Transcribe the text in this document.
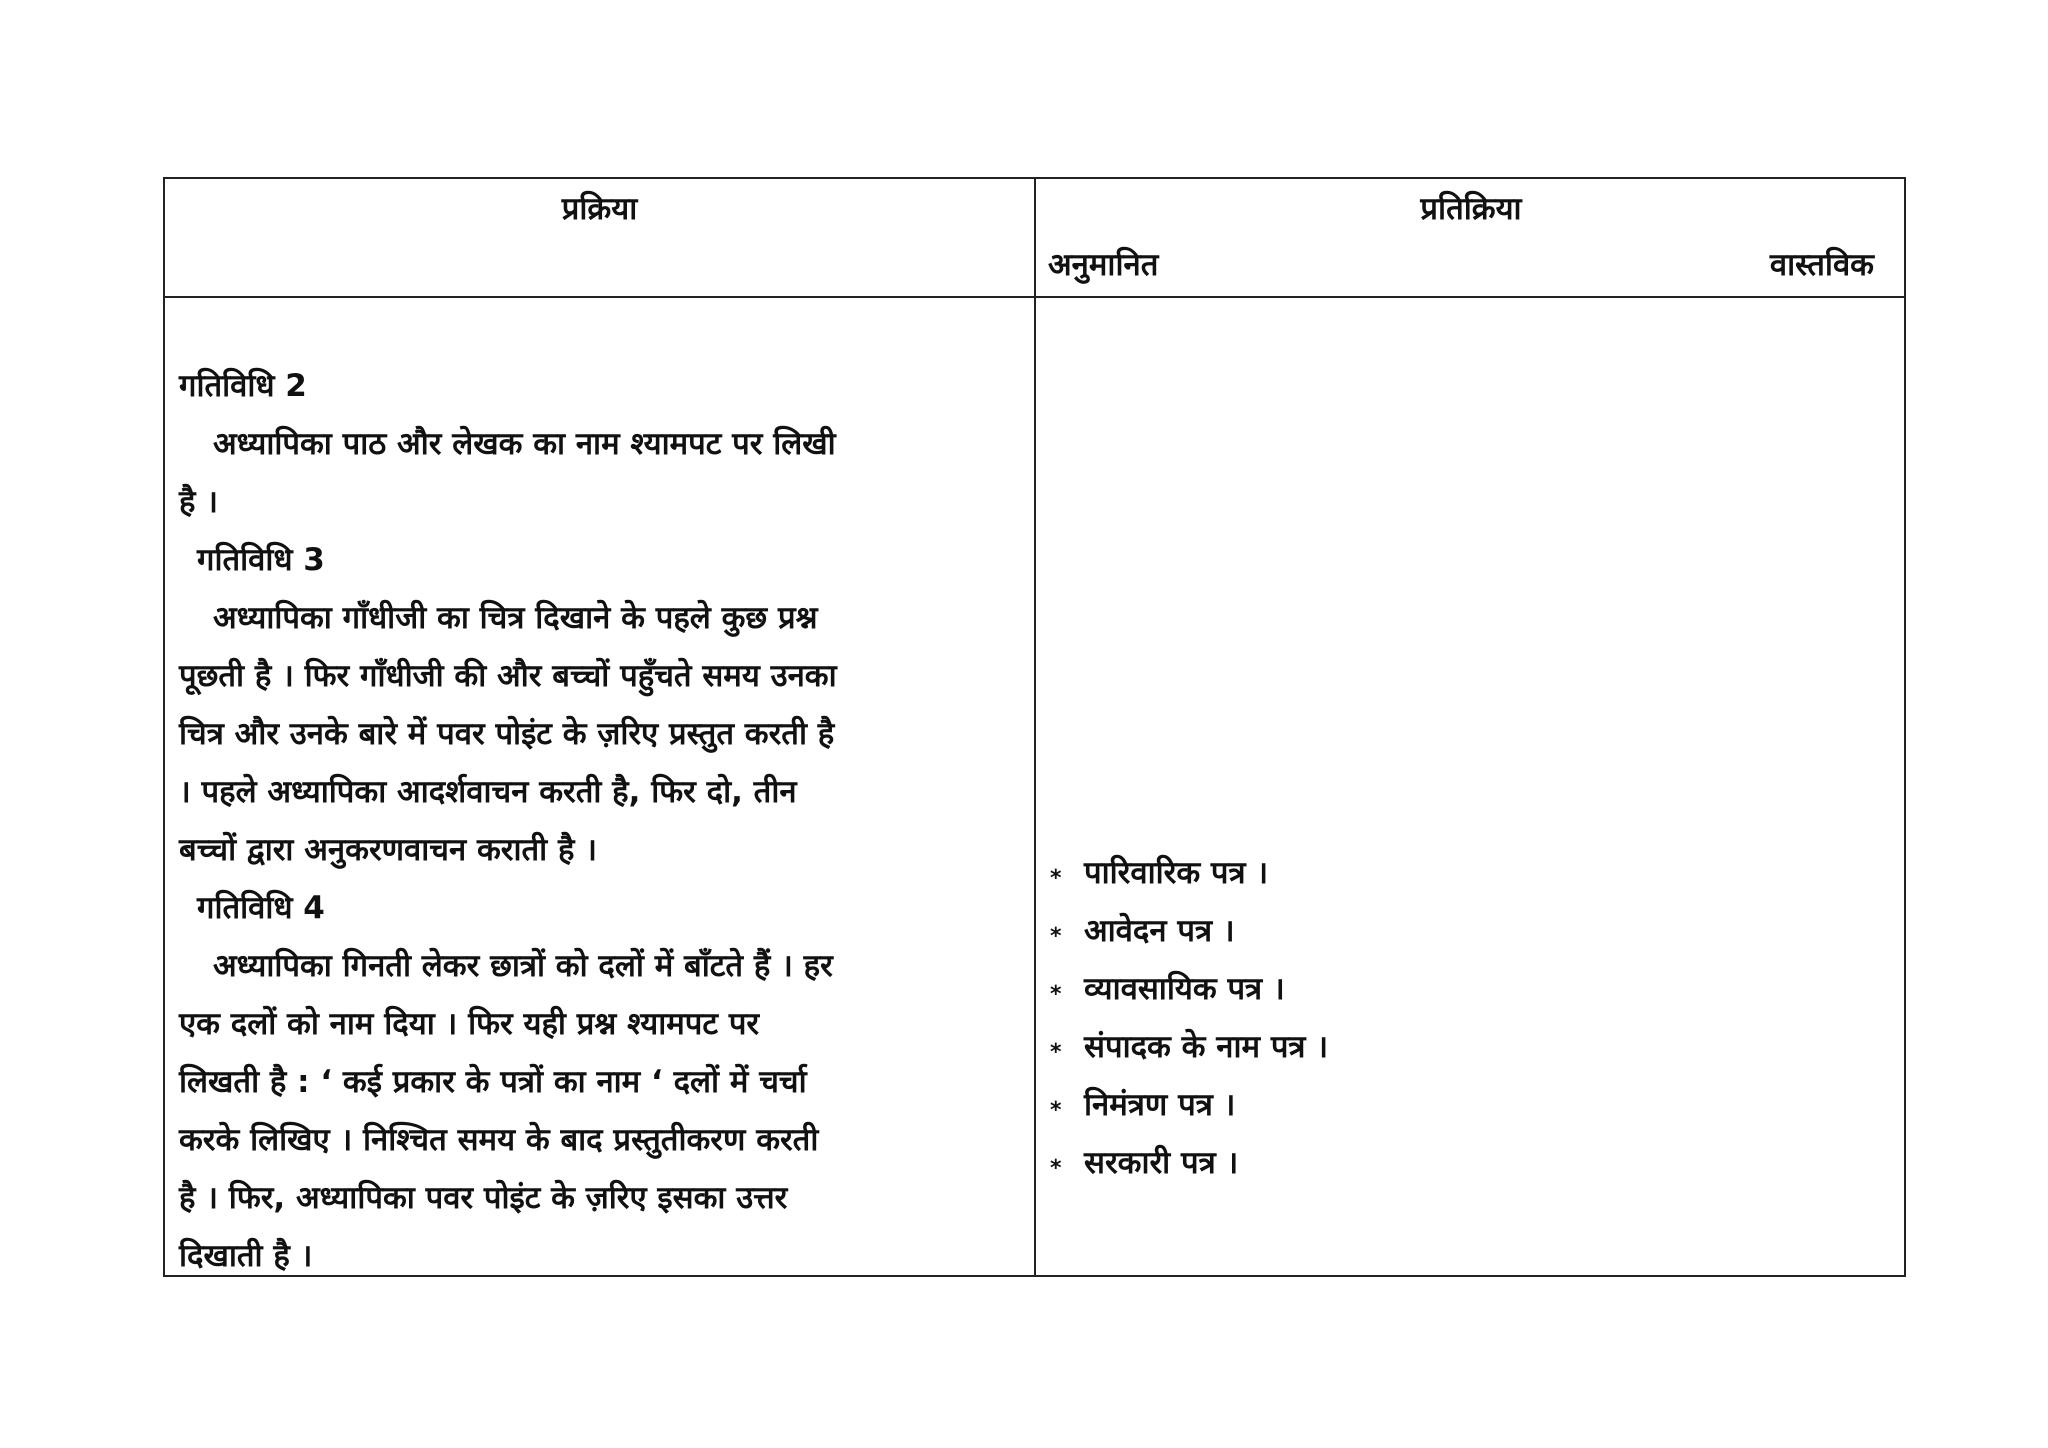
प्रक्रिया	प्रतिक्रिया
अनुमानित	वास्तविक

गतिविधि 2

अध्यापिका पाठ और लेखक का नाम श्यामपट पर लिखी

है ।

गतिविधि 3

अध्यापिका गाँधीजी का चित्र दिखाने के पहले कुछ प्रश्न

पूछती है । फिर गाँधीजी की और बच्चों पहुँचते समय उनका

चित्र और उनके बारे में पवर पोइंट के ज़रिए प्रस्तुत करती है

। पहले अध्यापिका आदर्शवाचन करती है, फिर दो, तीन

बच्चों द्वारा अनुकरणवाचन कराती है ।

गतिविधि 4

अध्यापिका गिनती लेकर छात्रों को दलों में बाँटते हैं । हर

एक दलों को नाम दिया । फिर यही प्रश्न श्यामपट पर

लिखती है : ‘ कई प्रकार के पत्रों का नाम ‘ दलों में चर्चा

करके लिखिए । निश्चित समय के बाद प्रस्तुतीकरण करती

है । फिर, अध्यापिका पवर पोइंट के ज़रिए इसका उत्तर

दिखाती है ।

⁎ पारिवारिक पत्र ।
⁎ आवेदन पत्र ।
⁎ व्यावसायिक पत्र ।
⁎ संपादक के नाम पत्र ।
⁎ निमंत्रण पत्र ।
⁎ सरकारी पत्र ।
